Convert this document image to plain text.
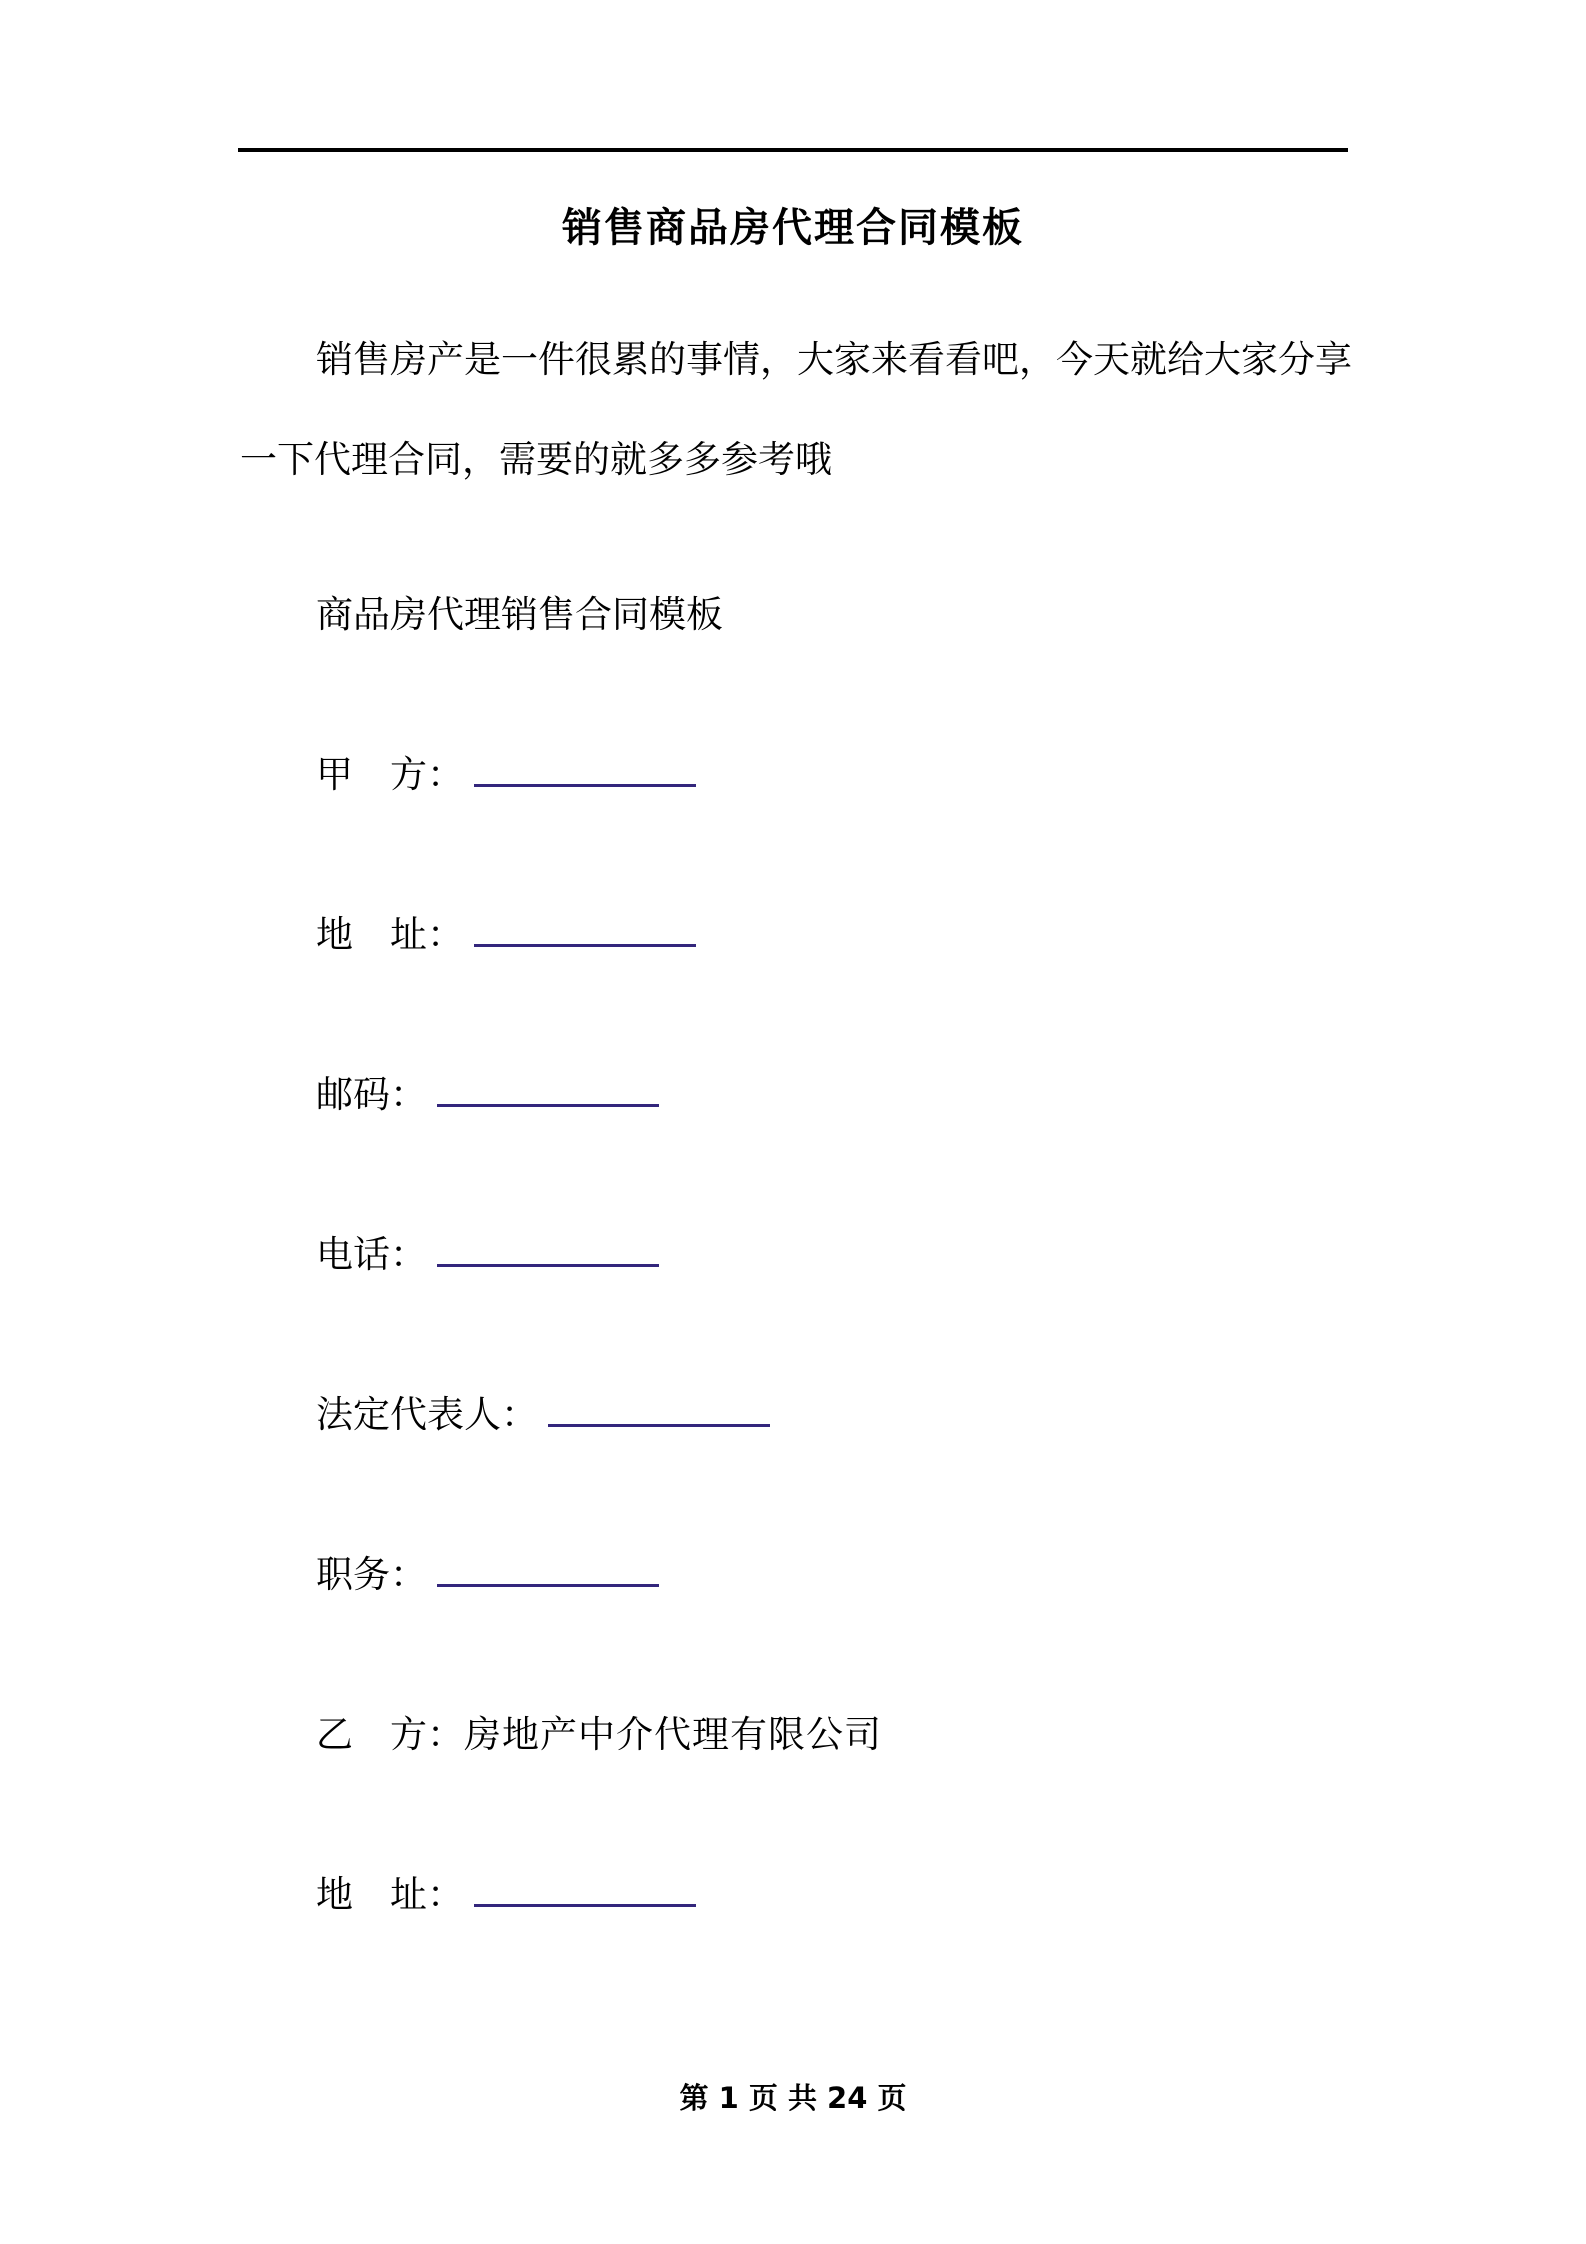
销售商品房代理合同模板

销售房产是一件很累的事情，大家来看看吧，今天就给大家分享
一下代理合同，需要的就多多参考哦

商品房代理销售合同模板

甲　方：
地　址：
邮码：
电话：
法定代表人：
职务：
乙　方：房地产中介代理有限公司
地　址：
第 1 页 共 24 页
